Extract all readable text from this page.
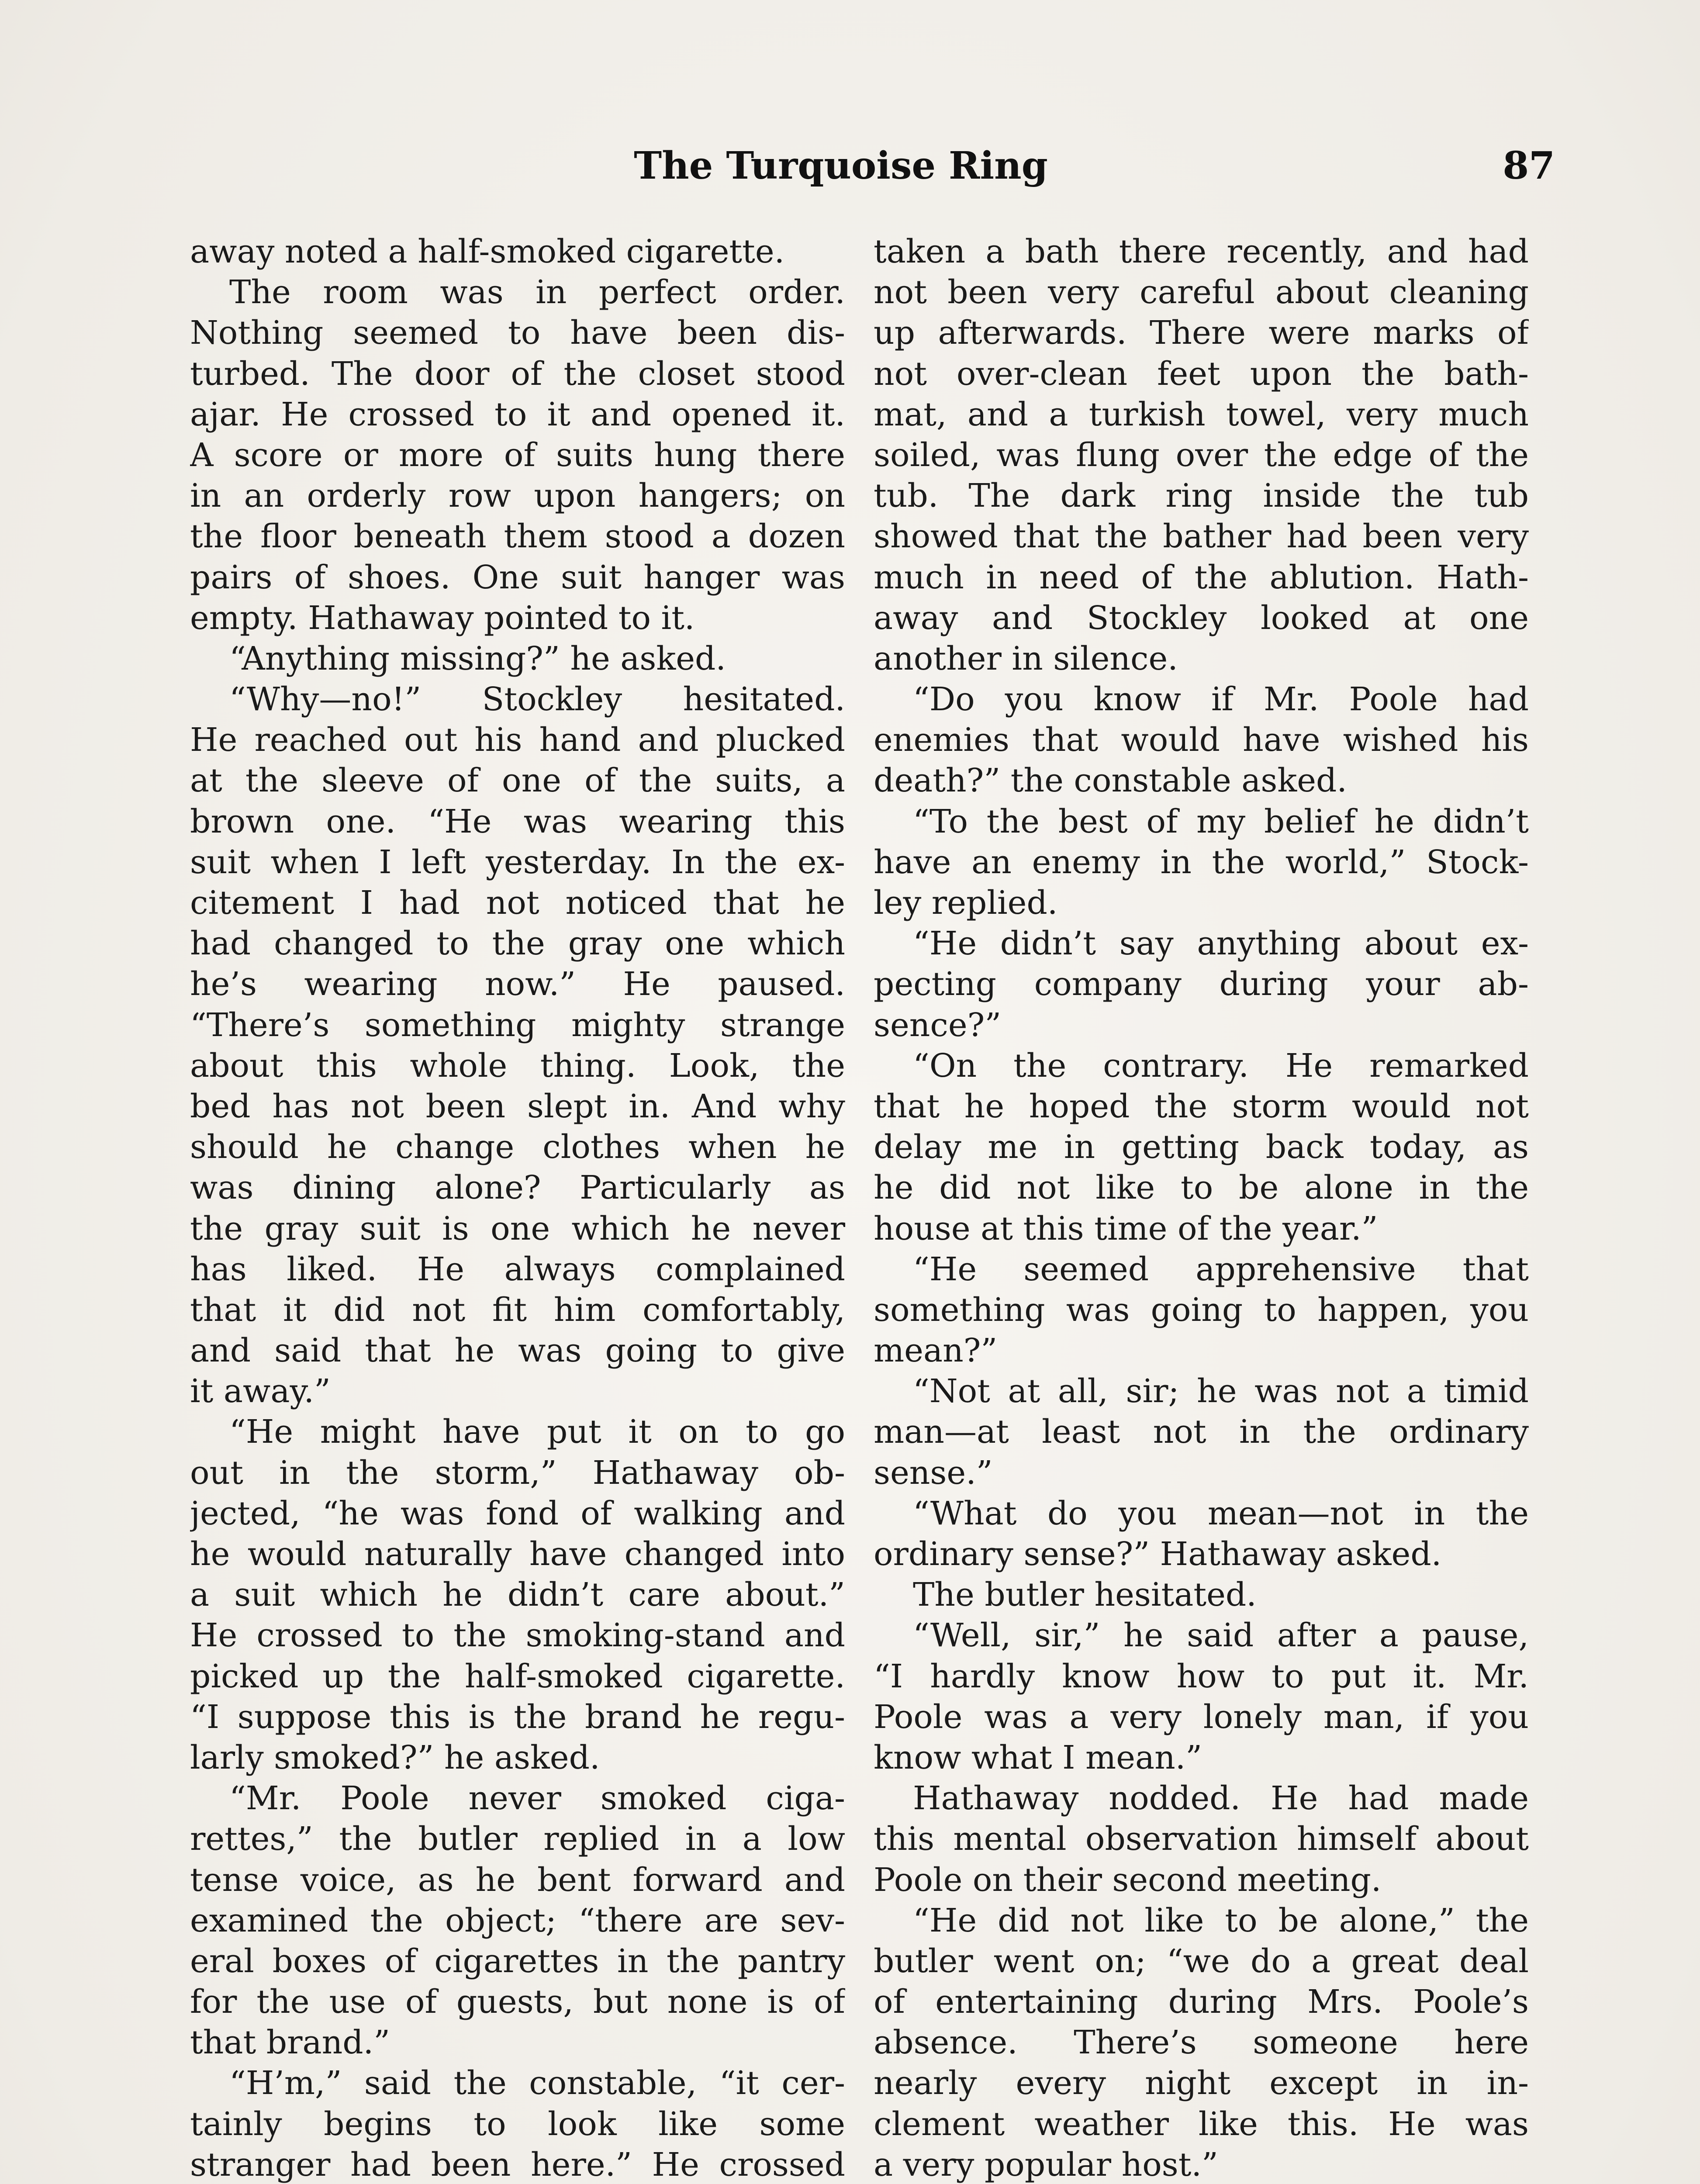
The Turquoise Ring	87
away noted a half-smoked cigarette.
The room was in perfect order.
Nothing seemed to have been dis-
turbed. The door of the closet stood
ajar. He crossed to it and opened it.
A score or more of suits hung there
in an orderly row upon hangers; on
the floor beneath them stood a dozen
pairs of shoes. One suit hanger was
empty. Hathaway pointed to it.
“Anything missing?” he asked.
“Why—no!” Stockley hesitated.
He reached out his hand and plucked
at the sleeve of one of the suits, a
brown one. “He was wearing this
suit when I left yesterday. In the ex-
citement I had not noticed that he
had changed to the gray one which
he’s wearing now.” He paused.
“There’s something mighty strange
about this whole thing. Look, the
bed has not been slept in. And why
should he change clothes when he
was dining alone? Particularly as
the gray suit is one which he never
has liked. He always complained
that it did not fit him comfortably,
and said that he was going to give
it away.”
“He might have put it on to go
out in the storm,” Hathaway ob-
jected, “he was fond of walking and
he would naturally have changed into
a suit which he didn’t care about.”
He crossed to the smoking-stand and
picked up the half-smoked cigarette.
“I suppose this is the brand he regu-
larly smoked?” he asked.
“Mr. Poole never smoked ciga-
rettes,” the butler replied in a low
tense voice, as he bent forward and
examined the object; “there are sev-
eral boxes of cigarettes in the pantry
for the use of guests, but none is of
that brand.”
“H’m,” said the constable, “it cer-
tainly begins to look like some
stranger had been here.” He crossed
taken a bath there recently, and had
not been very careful about cleaning
up afterwards. There were marks of
not over-clean feet upon the bath-
mat, and a turkish towel, very much
soiled, was flung over the edge of the
tub. The dark ring inside the tub
showed that the bather had been very
much in need of the ablution. Hath-
away and Stockley looked at one
another in silence.
“Do you know if Mr. Poole had
enemies that would have wished his
death?” the constable asked.
“To the best of my belief he didn’t
have an enemy in the world,” Stock-
ley replied.
“He didn’t say anything about ex-
pecting company during your ab-
sence?”
“On the contrary. He remarked
that he hoped the storm would not
delay me in getting back today, as
he did not like to be alone in the
house at this time of the year.”
“He seemed apprehensive that
something was going to happen, you
mean?”
“Not at all, sir; he was not a timid
man—at least not in the ordinary
sense.”
“What do you mean—not in the
ordinary sense?” Hathaway asked.
The butler hesitated.
“Well, sir,” he said after a pause,
“I hardly know how to put it. Mr.
Poole was a very lonely man, if you
know what I mean.”
Hathaway nodded. He had made
this mental observation himself about
Poole on their second meeting.
“He did not like to be alone,” the
butler went on; “we do a great deal
of entertaining during Mrs. Poole’s
absence. There’s someone here
nearly every night except in in-
clement weather like this. He was
a very popular host.”
